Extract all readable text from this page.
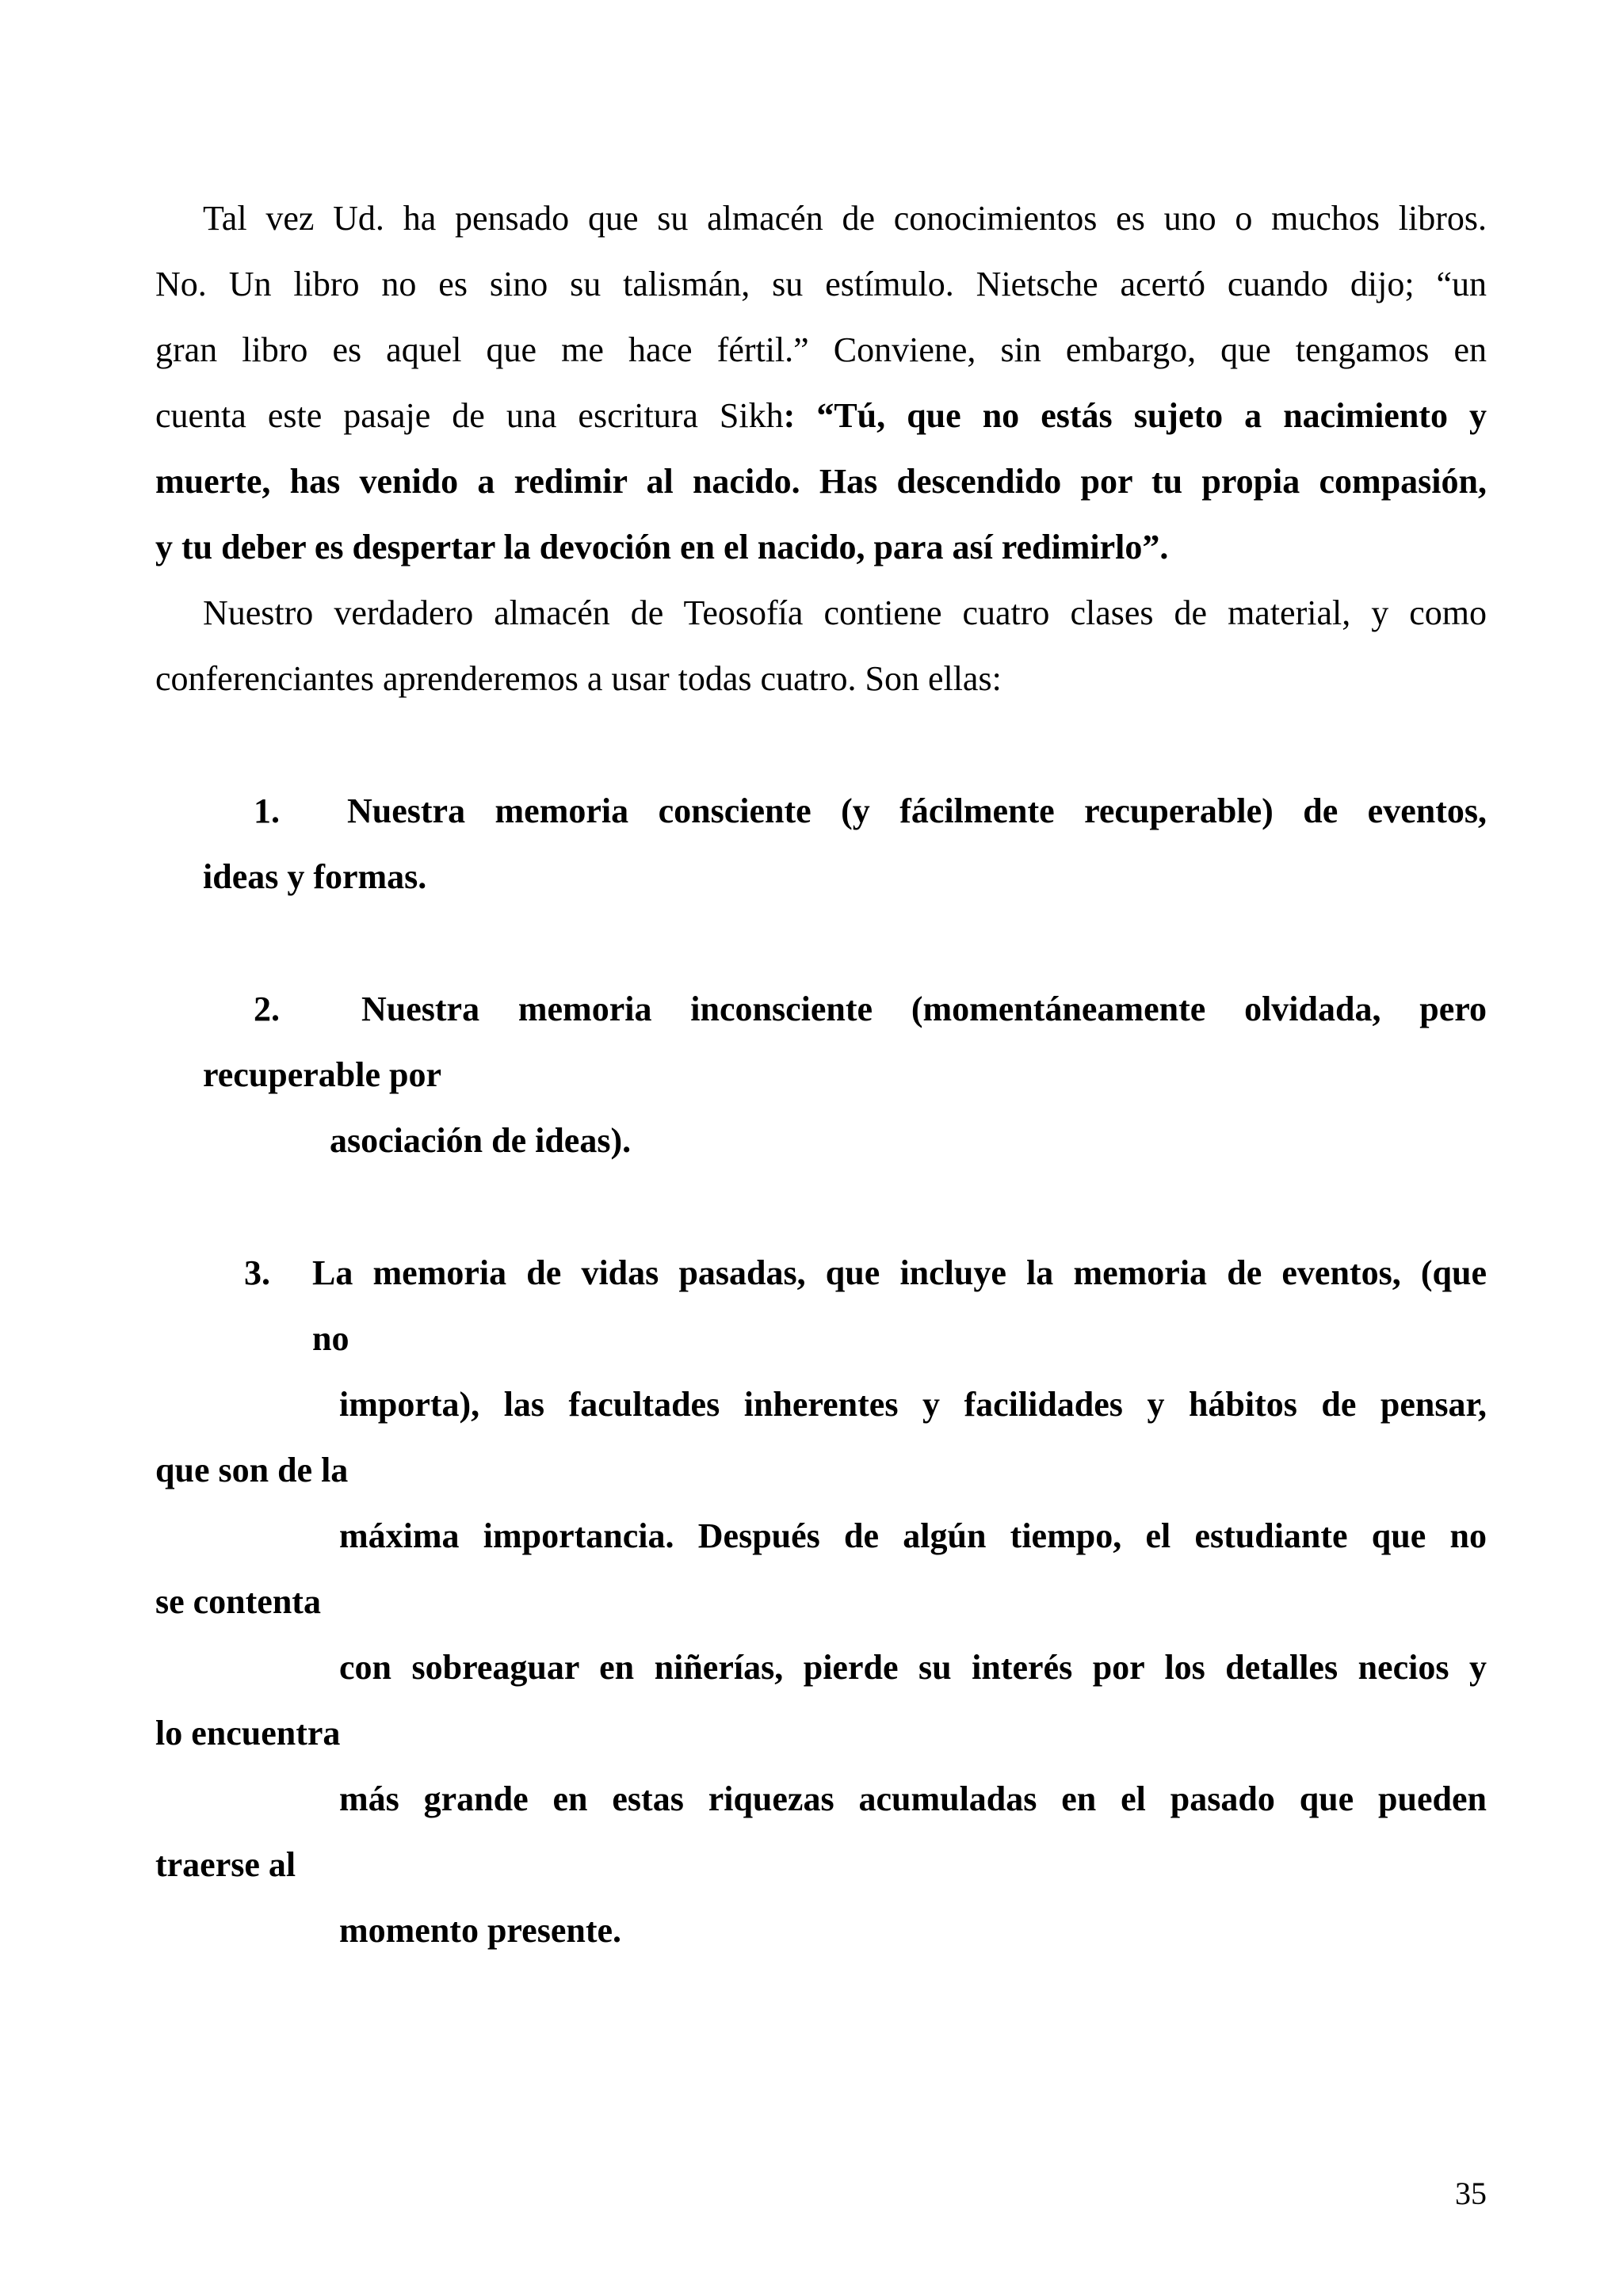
Tal vez Ud. ha pensado que su almacén de conocimientos es uno o muchos libros.
No. Un libro no es sino su talismán, su estímulo. Nietsche acertó cuando dijo; “un
gran libro es aquel que me hace fértil.” Conviene, sin embargo, que tengamos en
cuenta este pasaje de una escritura Sikh: “Tú, que no estás sujeto a nacimiento y
muerte, has venido a redimir al nacido. Has descendido por tu propia compasión,
y tu deber es despertar la devoción en el nacido, para así redimirlo”.
Nuestro verdadero almacén de Teosofía contiene cuatro clases de material, y como
conferenciantes aprenderemos a usar todas cuatro. Son ellas:
1.	Nuestra memoria consciente (y fácilmente recuperable) de eventos,
ideas y formas.
2.	Nuestra memoria inconsciente (momentáneamente olvidada, pero
recuperable por
asociación de ideas).
3.	La memoria de vidas pasadas, que incluye la memoria de eventos, (que
no
importa), las facultades inherentes y facilidades y hábitos de pensar,
que son de la
máxima importancia. Después de algún tiempo, el estudiante que no
se contenta
con sobreaguar en niñerías, pierde su interés por los detalles necios y
lo encuentra
más grande en estas riquezas acumuladas en el pasado que pueden
traerse al
momento presente.
35
